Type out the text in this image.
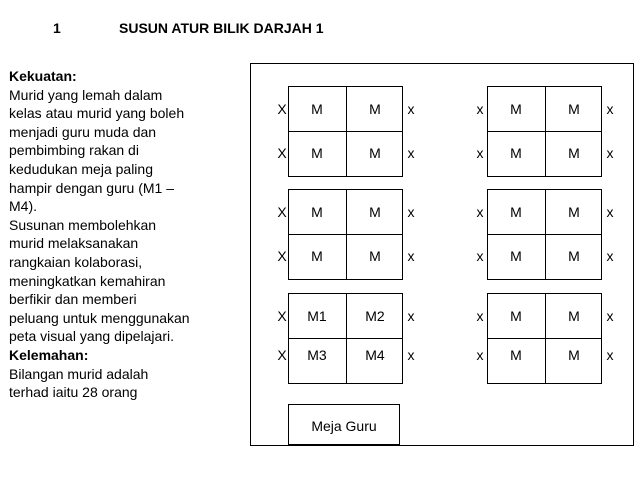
1	SUSUN ATUR BILIK DARJAH 1
Kekuatan:

Murid yang lemah dalam
kelas atau murid yang boleh
menjadi guru muda dan
pembimbing rakan di
kedudukan meja paling
hampir dengan guru (M1 –
M4).

Susunan membolehkan
murid melaksanakan
rangkaian kolaborasi,
meningkatkan kemahiran
berfikir dan memberi
peluang untuk menggunakan
peta visual yang dipelajari.

Kelemahan:

Bilangan murid adalah
terhad iaitu 28 orang

X
X
M	M
M	M
x
x
x
x
M	M
M	M
x
x
X
X
M	M
M	M
x
x
x
x
M	M
M	M
x
x
X
X
M1	M2
M3	M4
x
x
x
x
M	M
M	M
x
x
Meja Guru
